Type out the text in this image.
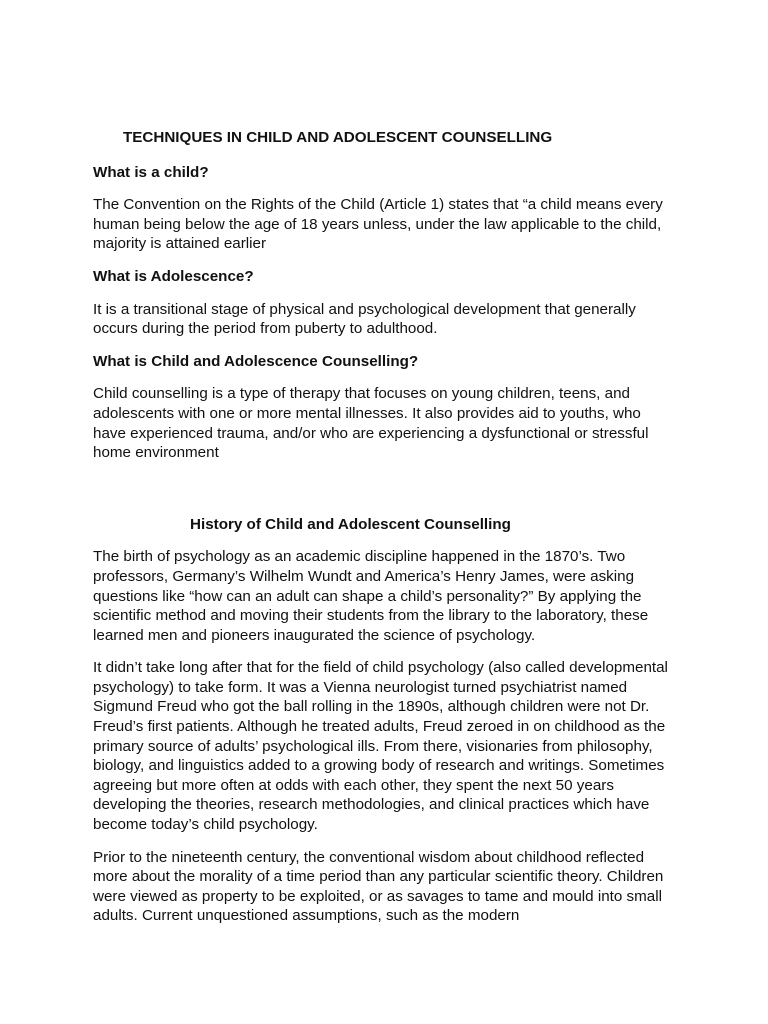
TECHNIQUES IN CHILD AND ADOLESCENT COUNSELLING
What is a child?
The Convention on the Rights of the Child (Article 1) states that “a child means every human being below the age of 18 years unless, under the law applicable to the child, majority is attained earlier
What is Adolescence?
It is a transitional stage of physical and psychological development that generally occurs during the period from puberty to adulthood.
What is Child and Adolescence Counselling?
Child counselling is a type of therapy that focuses on young children, teens, and adolescents with one or more mental illnesses. It also provides aid to youths, who have experienced trauma, and/or who are experiencing a dysfunctional or stressful home environment
History of Child and Adolescent Counselling
The birth of psychology as an academic discipline happened in the 1870’s. Two professors, Germany’s Wilhelm Wundt and America’s Henry James, were asking questions like “how can an adult can shape a child’s personality?” By applying the scientific method and moving their students from the library to the laboratory, these learned men and pioneers inaugurated the science of psychology.
It didn’t take long after that for the field of child psychology (also called developmental psychology) to take form. It was a Vienna neurologist turned psychiatrist named Sigmund Freud who got the ball rolling in the 1890s, although children were not Dr. Freud’s first patients. Although he treated adults, Freud zeroed in on childhood as the primary source of adults’ psychological ills. From there, visionaries from philosophy, biology, and linguistics added to a growing body of research and writings. Sometimes agreeing but more often at odds with each other, they spent the next 50 years developing the theories, research methodologies, and clinical practices which have become today’s child psychology.
Prior to the nineteenth century, the conventional wisdom about childhood reflected more about the morality of a time period than any particular scientific theory. Children were viewed as property to be exploited, or as savages to tame and mould into small adults. Current unquestioned assumptions, such as the modern
